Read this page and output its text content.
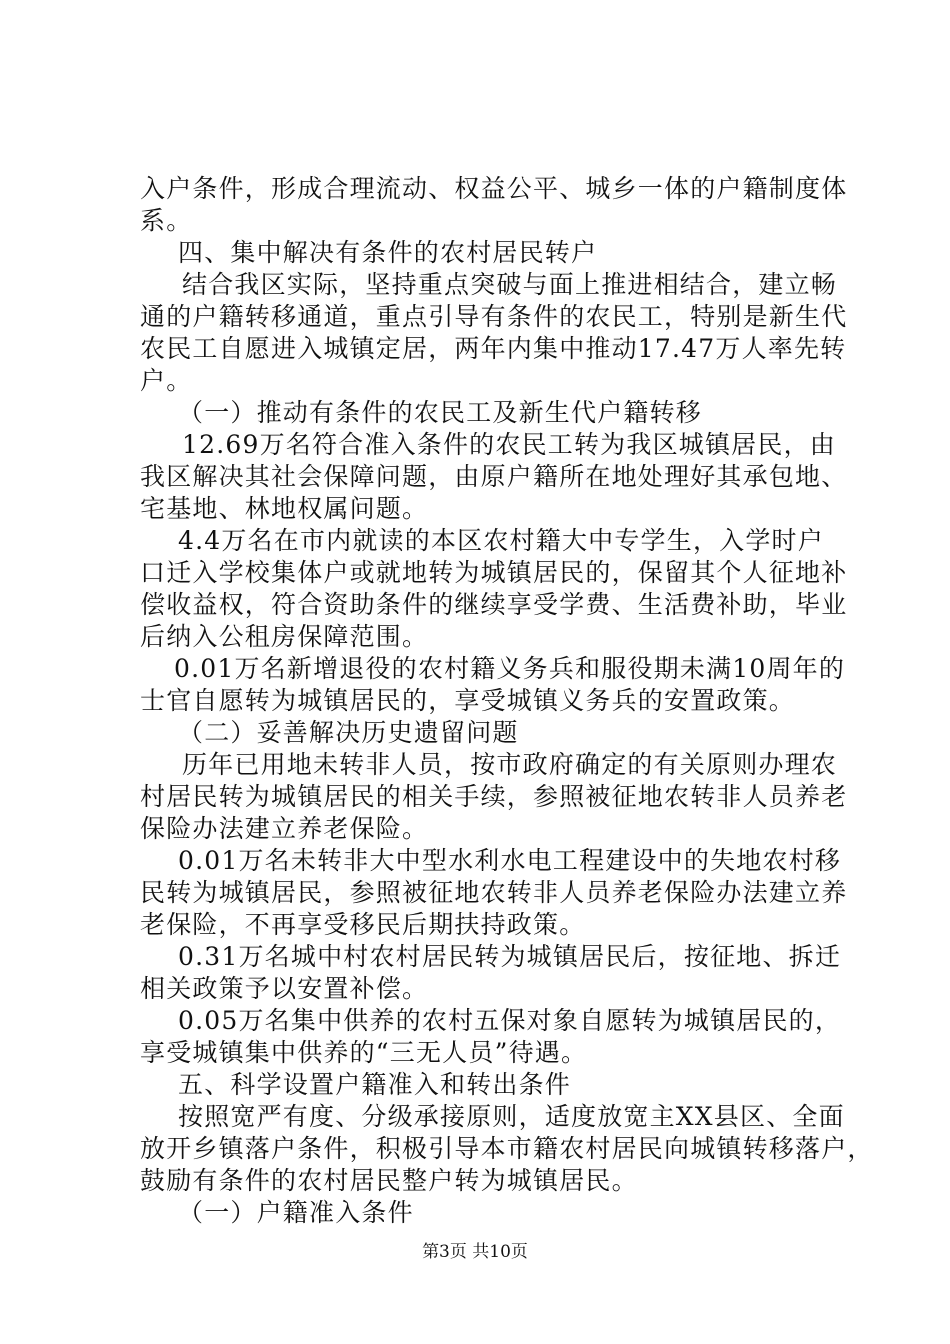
入户条件，形成合理流动、权益公平、城乡一体的户籍制度体
系。
四、集中解决有条件的农村居民转户
结合我区实际，坚持重点突破与面上推进相结合，建立畅
通的户籍转移通道，重点引导有条件的农民工，特别是新生代
农民工自愿进入城镇定居，两年内集中推动17.47万人率先转
户。
（一）推动有条件的农民工及新生代户籍转移
12.69万名符合准入条件的农民工转为我区城镇居民，由
我区解决其社会保障问题，由原户籍所在地处理好其承包地、
宅基地、林地权属问题。
4.4万名在市内就读的本区农村籍大中专学生，入学时户
口迁入学校集体户或就地转为城镇居民的，保留其个人征地补
偿收益权，符合资助条件的继续享受学费、生活费补助，毕业
后纳入公租房保障范围。
0.01万名新增退役的农村籍义务兵和服役期未满10周年的
士官自愿转为城镇居民的，享受城镇义务兵的安置政策。
（二）妥善解决历史遗留问题
历年已用地未转非人员，按市政府确定的有关原则办理农
村居民转为城镇居民的相关手续，参照被征地农转非人员养老
保险办法建立养老保险。
0.01万名未转非大中型水利水电工程建设中的失地农村移
民转为城镇居民，参照被征地农转非人员养老保险办法建立养
老保险，不再享受移民后期扶持政策。
0.31万名城中村农村居民转为城镇居民后，按征地、拆迁
相关政策予以安置补偿。
0.05万名集中供养的农村五保对象自愿转为城镇居民的，
享受城镇集中供养的“三无人员”待遇。
五、科学设置户籍准入和转出条件
按照宽严有度、分级承接原则，适度放宽主XX县区、全面
放开乡镇落户条件，积极引导本市籍农村居民向城镇转移落户，
鼓励有条件的农村居民整户转为城镇居民。
（一）户籍准入条件
第3页 共10页
